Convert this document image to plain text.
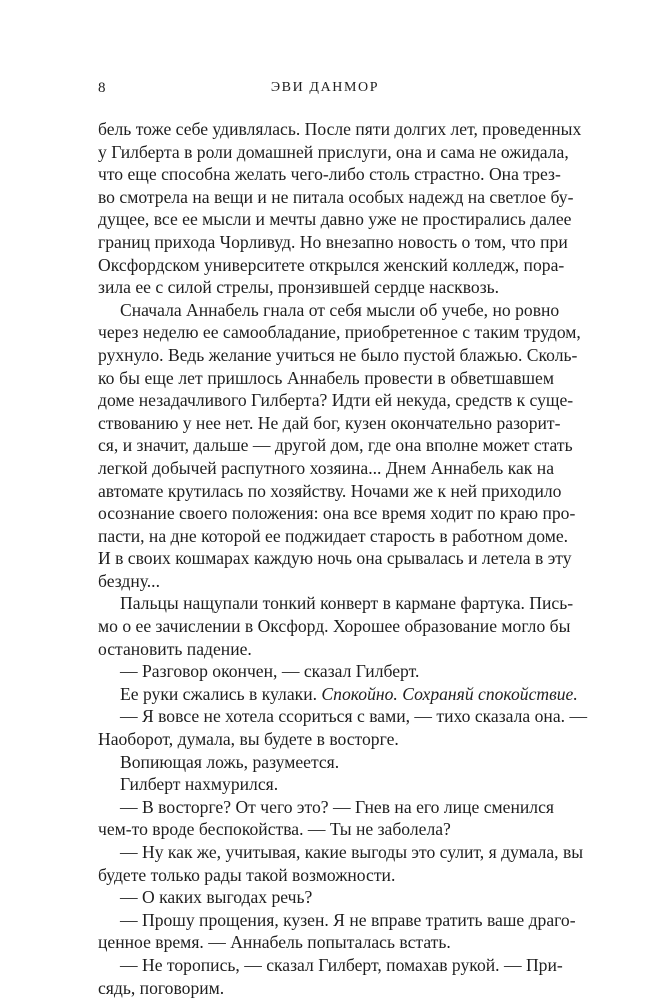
8	ЭВИ ДАНМОР
бель тоже себе удивлялась. После пяти долгих лет, проведенных
у Гилберта в роли домашней прислуги, она и сама не ожидала,
что еще способна желать чего-либо столь страстно. Она трез-
во смотрела на вещи и не питала особых надежд на светлое бу-
дущее, все ее мысли и мечты давно уже не простирались далее
границ прихода Чорливуд. Но внезапно новость о том, что при
Оксфордском университете открылся женский колледж, пора-
зила ее с силой стрелы, пронзившей сердце насквозь.
Сначала Аннабель гнала от себя мысли об учебе, но ровно
через неделю ее самообладание, приобретенное с таким трудом,
рухнуло. Ведь желание учиться не было пустой блажью. Сколь-
ко бы еще лет пришлось Аннабель провести в обветшавшем
доме незадачливого Гилберта? Идти ей некуда, средств к суще-
ствованию у нее нет. Не дай бог, кузен окончательно разорит-
ся, и значит, дальше — другой дом, где она вполне может стать
легкой добычей распутного хозяина... Днем Аннабель как на
автомате крутилась по хозяйству. Ночами же к ней приходило
осознание своего положения: она все время ходит по краю про-
пасти, на дне которой ее поджидает старость в работном доме.
И в своих кошмарах каждую ночь она срывалась и летела в эту
бездну...
Пальцы нащупали тонкий конверт в кармане фартука. Пись-
мо о ее зачислении в Оксфорд. Хорошее образование могло бы
остановить падение.
— Разговор окончен, — сказал Гилберт.
Ее руки сжались в кулаки. Спокойно. Сохраняй спокойствие.
— Я вовсе не хотела ссориться с вами, — тихо сказала она. —
Наоборот, думала, вы будете в восторге.
Вопиющая ложь, разумеется.
Гилберт нахмурился.
— В восторге? От чего это? — Гнев на его лице сменился
чем-то вроде беспокойства. — Ты не заболела?
— Ну как же, учитывая, какие выгоды это сулит, я думала, вы
будете только рады такой возможности.
— О каких выгодах речь?
— Прошу прощения, кузен. Я не вправе тратить ваше драго-
ценное время. — Аннабель попыталась встать.
— Не торопись, — сказал Гилберт, помахав рукой. — При-
сядь, поговорим.
